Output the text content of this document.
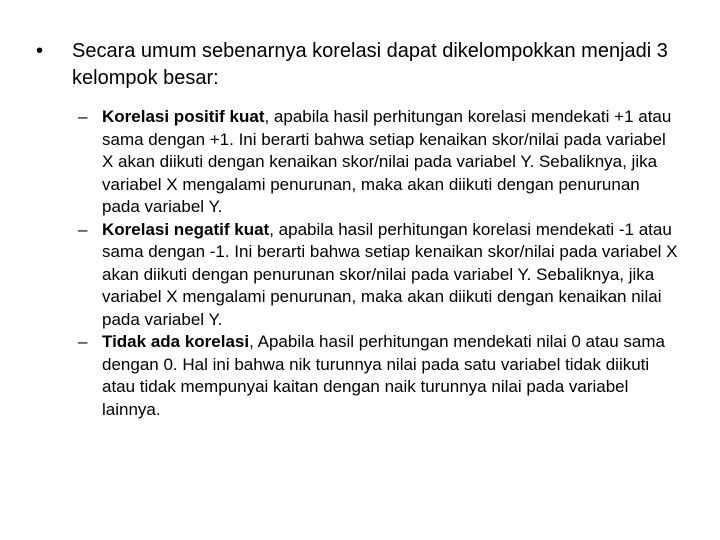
•	Secara umum sebenarnya korelasi dapat dikelompokkan menjadi 3 kelompok besar:
– Korelasi positif kuat, apabila hasil perhitungan korelasi mendekati +1 atau sama dengan +1. Ini berarti bahwa setiap kenaikan skor/nilai pada variabel X akan diikuti dengan kenaikan skor/nilai pada variabel Y. Sebaliknya, jika variabel X mengalami penurunan, maka akan diikuti dengan penurunan pada variabel Y.
– Korelasi negatif kuat, apabila hasil perhitungan korelasi mendekati -1 atau sama dengan -1. Ini berarti bahwa setiap kenaikan skor/nilai pada variabel X akan diikuti dengan penurunan skor/nilai pada variabel Y. Sebaliknya, jika variabel X mengalami penurunan, maka akan diikuti dengan kenaikan nilai pada variabel Y.
– Tidak ada korelasi, Apabila hasil perhitungan mendekati nilai 0 atau sama dengan 0. Hal ini bahwa nik turunnya nilai pada satu variabel tidak diikuti atau tidak mempunyai kaitan dengan naik turunnya nilai pada variabel lainnya.
